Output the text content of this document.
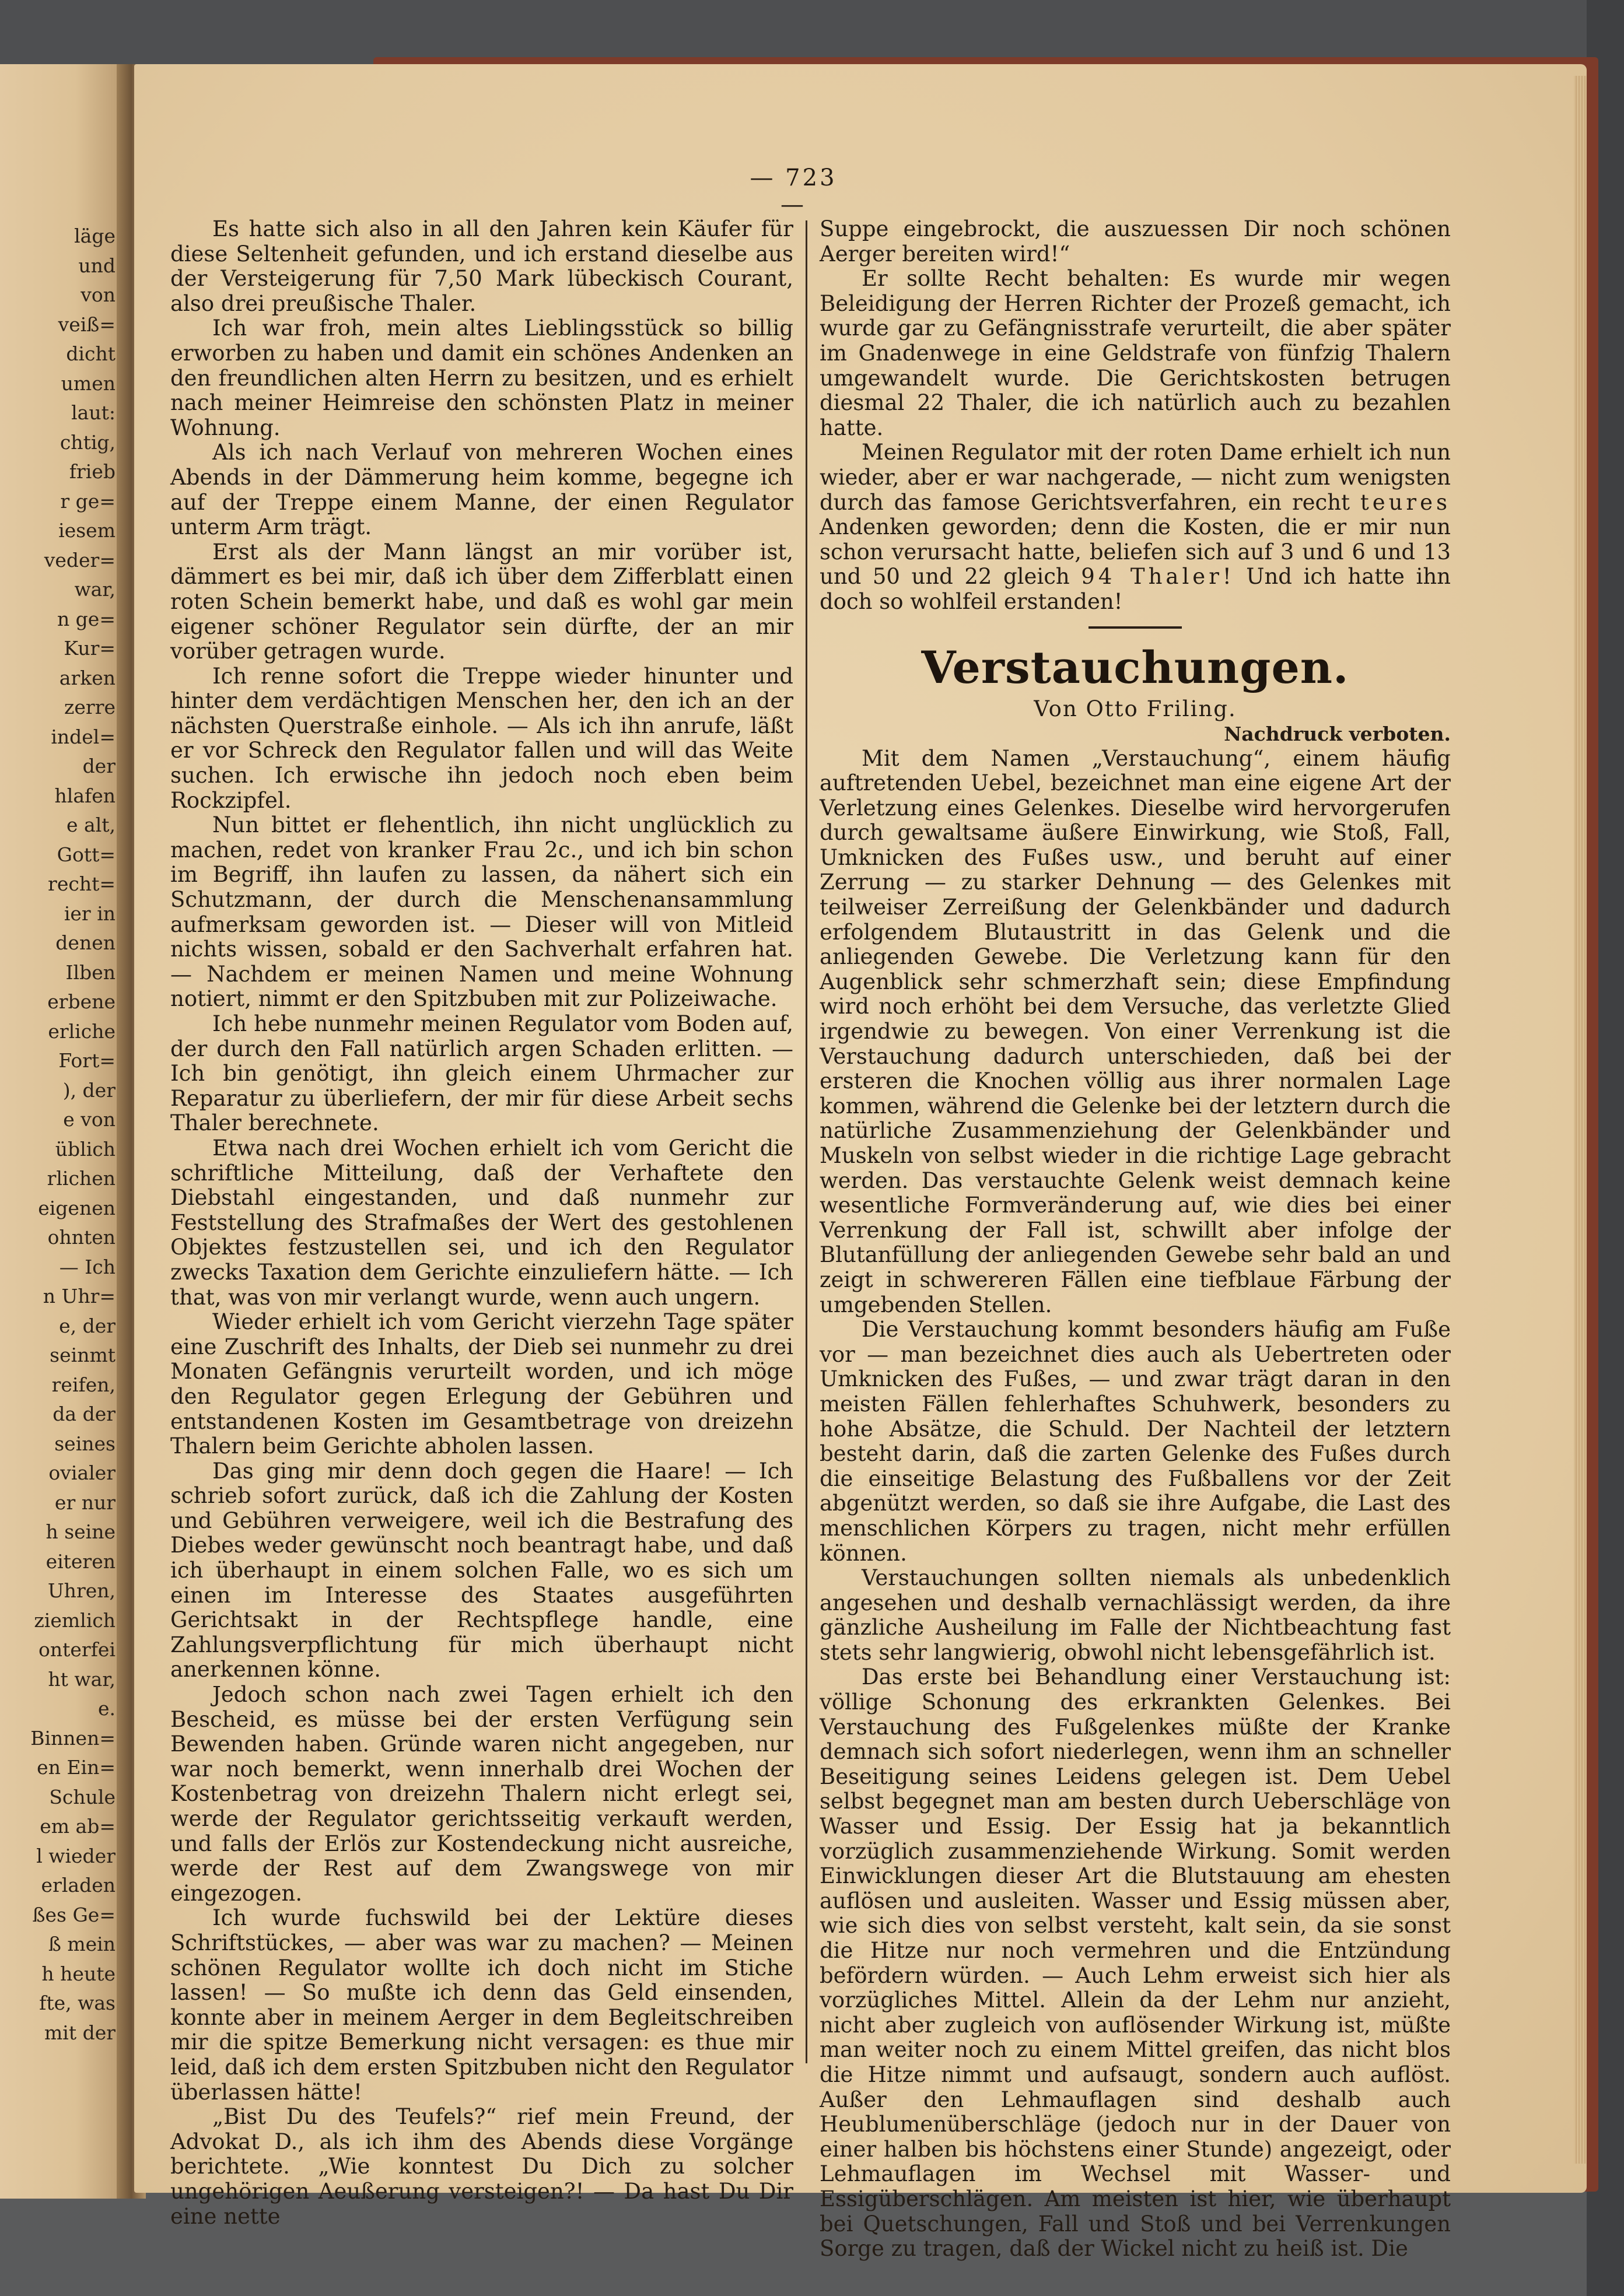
läge
und
von
veiß=
dicht
umen
laut:
chtig,
frieb
r ge=
iesem
veder=
war,
n ge=
Kur=
arken
zerre
indel=
der
hlafen
e alt,
Gott=
recht=
ier in
denen
Ilben
erbene
erliche
Fort=
), der
e von
üblich
rlichen
eigenen
ohnten
— Ich
n Uhr=
e, der
seinmt
reifen,
da der
seines
ovialer
er nur
h seine
eiteren
Uhren,
ziemlich
onterfei
ht war,
e.
Binnen=
en Ein=
Schule
em ab=
l wieder
erladen
ßes Ge=
ß mein
h heute
fte, was
mit der
— 723 —

Es hatte sich also in all den Jahren kein Käufer für diese Seltenheit gefunden, und ich erstand dieselbe aus der Versteigerung für 7,50 Mark lübeckisch Courant, also drei preußische Thaler.

Ich war froh, mein altes Lieblingsstück so billig erworben zu haben und damit ein schönes Andenken an den freundlichen alten Herrn zu besitzen, und es erhielt nach meiner Heimreise den schönsten Platz in meiner Wohnung.

Als ich nach Verlauf von mehreren Wochen eines Abends in der Dämmerung heim komme, begegne ich auf der Treppe einem Manne, der einen Regulator unterm Arm trägt.

Erst als der Mann längst an mir vorüber ist, dämmert es bei mir, daß ich über dem Zifferblatt einen roten Schein bemerkt habe, und daß es wohl gar mein eigener schöner Regulator sein dürfte, der an mir vorüber getragen wurde.

Ich renne sofort die Treppe wieder hinunter und hinter dem verdächtigen Menschen her, den ich an der nächsten Querstraße einhole. — Als ich ihn anrufe, läßt er vor Schreck den Regulator fallen und will das Weite suchen. Ich erwische ihn jedoch noch eben beim Rockzipfel.

Nun bittet er flehentlich, ihn nicht unglücklich zu machen, redet von kranker Frau 2c., und ich bin schon im Begriff, ihn laufen zu lassen, da nähert sich ein Schutzmann, der durch die Menschenansammlung aufmerksam geworden ist. — Dieser will von Mitleid nichts wissen, sobald er den Sachverhalt erfahren hat. — Nachdem er meinen Namen und meine Wohnung notiert, nimmt er den Spitzbuben mit zur Polizeiwache.

Ich hebe nunmehr meinen Regulator vom Boden auf, der durch den Fall natürlich argen Schaden erlitten. — Ich bin genötigt, ihn gleich einem Uhrmacher zur Reparatur zu überliefern, der mir für diese Arbeit sechs Thaler berechnete.

Etwa nach drei Wochen erhielt ich vom Gericht die schriftliche Mitteilung, daß der Verhaftete den Diebstahl eingestanden, und daß nunmehr zur Feststellung des Strafmaßes der Wert des gestohlenen Objektes festzustellen sei, und ich den Regulator zwecks Taxation dem Gerichte einzuliefern hätte. — Ich that, was von mir verlangt wurde, wenn auch ungern.

Wieder erhielt ich vom Gericht vierzehn Tage später eine Zuschrift des Inhalts, der Dieb sei nunmehr zu drei Monaten Gefängnis verurteilt worden, und ich möge den Regulator gegen Erlegung der Gebühren und entstandenen Kosten im Gesamtbetrage von dreizehn Thalern beim Gerichte abholen lassen.

Das ging mir denn doch gegen die Haare! — Ich schrieb sofort zurück, daß ich die Zahlung der Kosten und Gebühren verweigere, weil ich die Bestrafung des Diebes weder gewünscht noch beantragt habe, und daß ich überhaupt in einem solchen Falle, wo es sich um einen im Interesse des Staates ausgeführten Gerichtsakt in der Rechtspflege handle, eine Zahlungsverpflichtung für mich überhaupt nicht anerkennen könne.

Jedoch schon nach zwei Tagen erhielt ich den Bescheid, es müsse bei der ersten Verfügung sein Bewenden haben. Gründe waren nicht angegeben, nur war noch bemerkt, wenn innerhalb drei Wochen der Kostenbetrag von dreizehn Thalern nicht erlegt sei, werde der Regulator gerichtsseitig verkauft werden, und falls der Erlös zur Kostendeckung nicht ausreiche, werde der Rest auf dem Zwangswege von mir eingezogen.

Ich wurde fuchswild bei der Lektüre dieses Schriftstückes, — aber was war zu machen? — Meinen schönen Regulator wollte ich doch nicht im Stiche lassen! — So mußte ich denn das Geld einsenden, konnte aber in meinem Aerger in dem Begleitschreiben mir die spitze Bemerkung nicht versagen: es thue mir leid, daß ich dem ersten Spitzbuben nicht den Regulator überlassen hätte!

„Bist Du des Teufels?“ rief mein Freund, der Advokat D., als ich ihm des Abends diese Vorgänge berichtete. „Wie konntest Du Dich zu solcher ungehörigen Aeußerung versteigen?! — Da hast Du Dir eine nette

Suppe eingebrockt, die auszuessen Dir noch schönen Aerger bereiten wird!“

Er sollte Recht behalten: Es wurde mir wegen Beleidigung der Herren Richter der Prozeß gemacht, ich wurde gar zu Gefängnisstrafe verurteilt, die aber später im Gnadenwege in eine Geldstrafe von fünfzig Thalern umgewandelt wurde. Die Gerichtskosten betrugen diesmal 22 Thaler, die ich natürlich auch zu bezahlen hatte.

Meinen Regulator mit der roten Dame erhielt ich nun wieder, aber er war nachgerade, — nicht zum wenigsten durch das famose Gerichtsverfahren, ein recht teures Andenken geworden; denn die Kosten, die er mir nun schon verursacht hatte, beliefen sich auf 3 und 6 und 13 und 50 und 22 gleich 94 Thaler! Und ich hatte ihn doch so wohlfeil erstanden!

Verstauchungen.

Von Otto Friling.

Nachdruck verboten.

Mit dem Namen „Verstauchung“, einem häufig auftretenden Uebel, bezeichnet man eine eigene Art der Verletzung eines Gelenkes. Dieselbe wird hervorgerufen durch gewaltsame äußere Einwirkung, wie Stoß, Fall, Umknicken des Fußes usw., und beruht auf einer Zerrung — zu starker Dehnung — des Gelenkes mit teilweiser Zerreißung der Gelenkbänder und dadurch erfolgendem Blutaustritt in das Gelenk und die anliegenden Gewebe. Die Verletzung kann für den Augenblick sehr schmerzhaft sein; diese Empfindung wird noch erhöht bei dem Versuche, das verletzte Glied irgendwie zu bewegen. Von einer Verrenkung ist die Verstauchung dadurch unterschieden, daß bei der ersteren die Knochen völlig aus ihrer normalen Lage kommen, während die Gelenke bei der letztern durch die natürliche Zusammenziehung der Gelenkbänder und Muskeln von selbst wieder in die richtige Lage gebracht werden. Das verstauchte Gelenk weist demnach keine wesentliche Formveränderung auf, wie dies bei einer Verrenkung der Fall ist, schwillt aber infolge der Blutanfüllung der anliegenden Gewebe sehr bald an und zeigt in schwereren Fällen eine tiefblaue Färbung der umgebenden Stellen.

Die Verstauchung kommt besonders häufig am Fuße vor — man bezeichnet dies auch als Uebertreten oder Umknicken des Fußes, — und zwar trägt daran in den meisten Fällen fehlerhaftes Schuhwerk, besonders zu hohe Absätze, die Schuld. Der Nachteil der letztern besteht darin, daß die zarten Gelenke des Fußes durch die einseitige Belastung des Fußballens vor der Zeit abgenützt werden, so daß sie ihre Aufgabe, die Last des menschlichen Körpers zu tragen, nicht mehr erfüllen können.

Verstauchungen sollten niemals als unbedenklich angesehen und deshalb vernachlässigt werden, da ihre gänzliche Ausheilung im Falle der Nichtbeachtung fast stets sehr langwierig, obwohl nicht lebensgefährlich ist.

Das erste bei Behandlung einer Verstauchung ist: völlige Schonung des erkrankten Gelenkes. Bei Verstauchung des Fußgelenkes müßte der Kranke demnach sich sofort niederlegen, wenn ihm an schneller Beseitigung seines Leidens gelegen ist. Dem Uebel selbst begegnet man am besten durch Ueberschläge von Wasser und Essig. Der Essig hat ja bekanntlich vorzüglich zusammenziehende Wirkung. Somit werden Einwicklungen dieser Art die Blutstauung am ehesten auflösen und ausleiten. Wasser und Essig müssen aber, wie sich dies von selbst versteht, kalt sein, da sie sonst die Hitze nur noch vermehren und die Entzündung befördern würden. — Auch Lehm erweist sich hier als vorzügliches Mittel. Allein da der Lehm nur anzieht, nicht aber zugleich von auflösender Wirkung ist, müßte man weiter noch zu einem Mittel greifen, das nicht blos die Hitze nimmt und aufsaugt, sondern auch auflöst. Außer den Lehmauflagen sind deshalb auch Heublumenüberschläge (jedoch nur in der Dauer von einer halben bis höchstens einer Stunde) angezeigt, oder Lehmauflagen im Wechsel mit Wasser- und Essigüberschlägen. Am meisten ist hier, wie überhaupt bei Quetschungen, Fall und Stoß und bei Verrenkungen Sorge zu tragen, daß der Wickel nicht zu heiß ist. Die
